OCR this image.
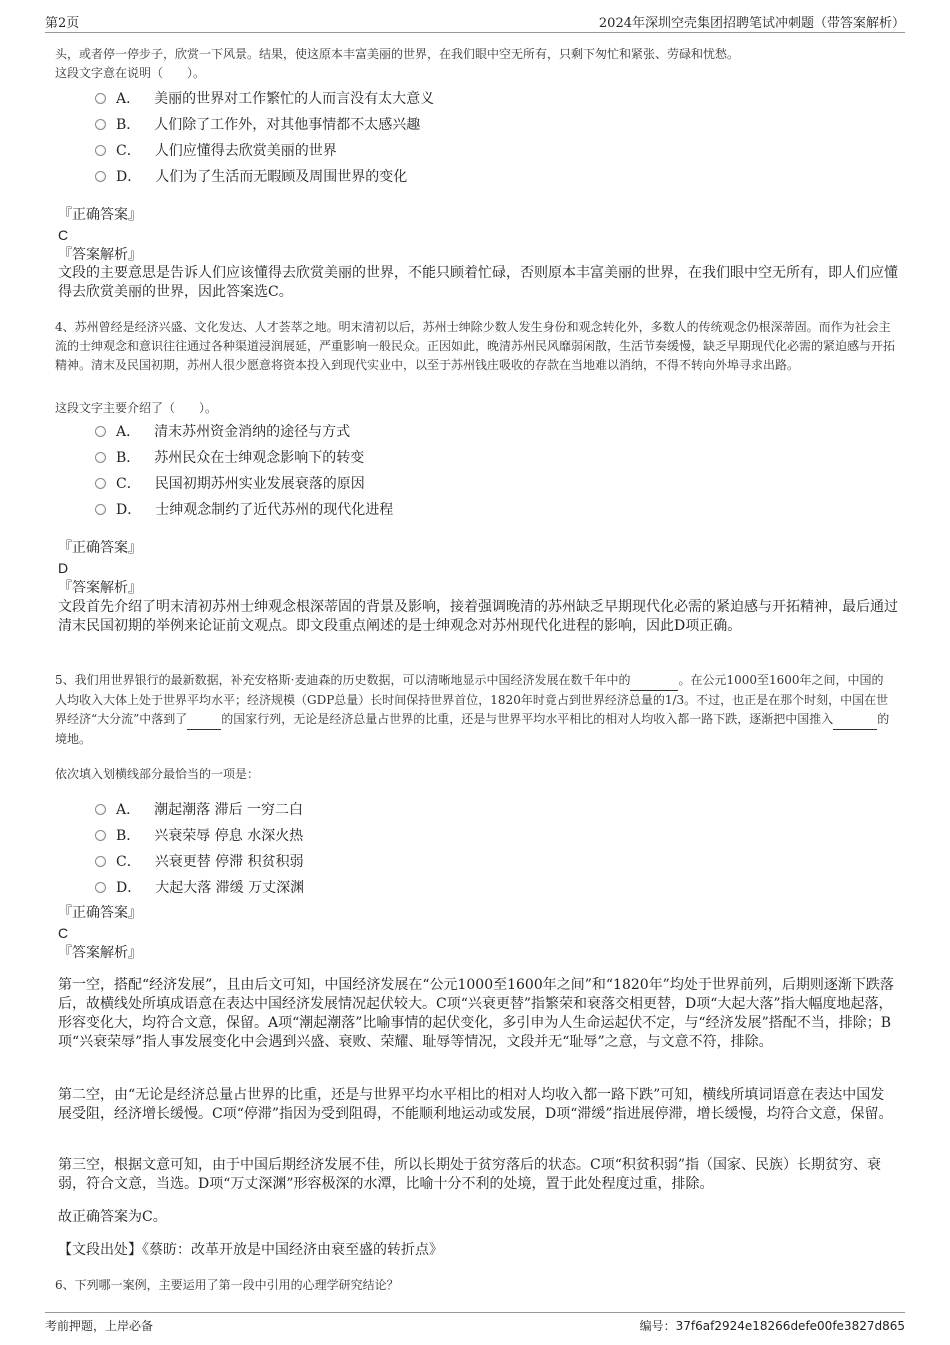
第2页	2024年深圳空壳集团招聘笔试冲刺题（带答案解析）
头，或者停一停步子，欣赏一下风景。结果，使这原本丰富美丽的世界，在我们眼中空无所有，只剩下匆忙和紧张、劳碌和忧愁。
这段文字意在说明（　　）。
A． 美丽的世界对工作繁忙的人而言没有太大意义
B． 人们除了工作外，对其他事情都不太感兴趣
C． 人们应懂得去欣赏美丽的世界
D． 人们为了生活而无暇顾及周围世界的变化
『正确答案』
C
『答案解析』
文段的主要意思是告诉人们应该懂得去欣赏美丽的世界，不能只顾着忙碌，否则原本丰富美丽的世界，在我们眼中空无所有，即人们应懂得去欣赏美丽的世界，因此答案选C。
4、苏州曾经是经济兴盛、文化发达、人才荟萃之地。明末清初以后，苏州士绅除少数人发生身份和观念转化外，多数人的传统观念仍根深蒂固。而作为社会主流的士绅观念和意识往往通过各种渠道浸润展延，严重影响一般民众。正因如此，晚清苏州民风靡弱闲散，生活节奏缓慢，缺乏早期现代化必需的紧迫感与开拓精神。清末及民国初期，苏州人很少愿意将资本投入到现代实业中，以至于苏州钱庄吸收的存款在当地难以消纳，不得不转向外埠寻求出路。
这段文字主要介绍了（　　）。
A． 清末苏州资金消纳的途径与方式
B． 苏州民众在士绅观念影响下的转变
C． 民国初期苏州实业发展衰落的原因
D． 士绅观念制约了近代苏州的现代化进程
『正确答案』
D
『答案解析』
文段首先介绍了明末清初苏州士绅观念根深蒂固的背景及影响，接着强调晚清的苏州缺乏早期现代化必需的紧迫感与开拓精神，最后通过清末民国初期的举例来论证前文观点。即文段重点阐述的是士绅观念对苏州现代化进程的影响，因此D项正确。
5、我们用世界银行的最新数据，补充安格斯·麦迪森的历史数据，可以清晰地显示中国经济发展在数千年中的	。在公元1000至1600年之间，中国的人均收入大体上处于世界平均水平；经济规模（GDP总量）长时间保持世界首位，1820年时竟占到世界经济总量的1/3。不过，也正是在那个时刻，中国在世界经济“大分流”中落到了	的国家行列，无论是经济总量占世界的比重，还是与世界平均水平相比的相对人均收入都一路下跌，逐渐把中国推入	的境地。
依次填入划横线部分最恰当的一项是：
A． 潮起潮落 滞后 一穷二白
B． 兴衰荣辱 停息 水深火热
C． 兴衰更替 停滞 积贫积弱
D． 大起大落 滞缓 万丈深渊
『正确答案』
C
『答案解析』
第一空，搭配“经济发展”，且由后文可知，中国经济发展在“公元1000至1600年之间”和“1820年”均处于世界前列，后期则逐渐下跌落后，故横线处所填成语意在表达中国经济发展情况起伏较大。C项“兴衰更替”指繁荣和衰落交相更替，D项“大起大落”指大幅度地起落，形容变化大，均符合文意，保留。A项“潮起潮落”比喻事情的起伏变化，多引申为人生命运起伏不定，与“经济发展”搭配不当，排除；B项“兴衰荣辱”指人事发展变化中会遇到兴盛、衰败、荣耀、耻辱等情况，文段并无“耻辱”之意，与文意不符，排除。
第二空，由“无论是经济总量占世界的比重，还是与世界平均水平相比的相对人均收入都一路下跌”可知，横线所填词语意在表达中国发展受阻，经济增长缓慢。C项“停滞”指因为受到阻碍，不能顺利地运动或发展，D项“滞缓”指进展停滞，增长缓慢，均符合文意，保留。
第三空，根据文意可知，由于中国后期经济发展不佳，所以长期处于贫穷落后的状态。C项“积贫积弱”指（国家、民族）长期贫穷、衰弱，符合文意，当选。D项“万丈深渊”形容极深的水潭，比喻十分不利的处境，置于此处程度过重，排除。
故正确答案为C。
【文段出处】《蔡昉：改革开放是中国经济由衰至盛的转折点》
6、下列哪一案例，主要运用了第一段中引用的心理学研究结论？
考前押题，上岸必备	编号：37f6af2924e18266defe00fe3827d865
